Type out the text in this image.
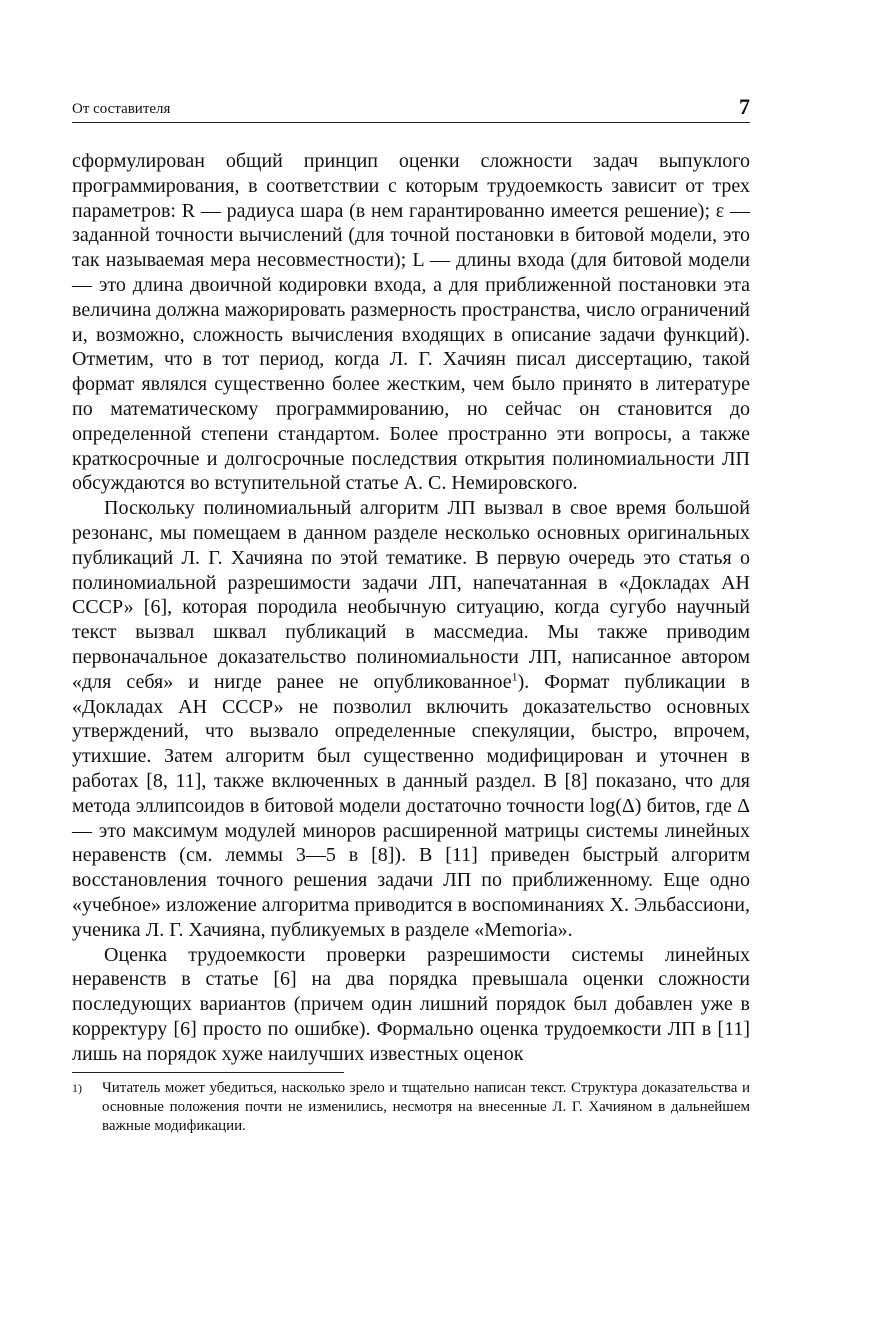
От составителя	7

сформулирован общий принцип оценки сложности задач выпуклого программирования, в соответствии с которым трудоемкость зависит от трех параметров: R — радиуса шара (в нем гарантированно имеется решение); ε — заданной точности вычислений (для точной постановки в битовой модели, это так называемая мера несовместности); L — длины входа (для битовой модели — это длина двоичной кодировки входа, а для приближенной постановки эта величина должна мажорировать размерность пространства, число ограничений и, возможно, сложность вычисления входящих в описание задачи функций). Отметим, что в тот период, когда Л. Г. Хачиян писал диссертацию, такой формат являлся существенно более жестким, чем было принято в литературе по математическому программированию, но сейчас он становится до определенной степени стандартом. Более пространно эти вопросы, а также краткосрочные и долгосрочные последствия открытия полиномиальности ЛП обсуждаются во вступительной статье А. С. Немировского.

Поскольку полиномиальный алгоритм ЛП вызвал в свое время большой резонанс, мы помещаем в данном разделе несколько основных оригинальных публикаций Л. Г. Хачияна по этой тематике. В первую очередь это статья о полиномиальной разрешимости задачи ЛП, напечатанная в «Докладах АН СССР» [6], которая породила необычную ситуацию, когда сугубо научный текст вызвал шквал публикаций в массмедиа. Мы также приводим первоначальное доказательство полиномиальности ЛП, написанное автором «для себя» и нигде ранее не опубликованное$^1$). Формат публикации в «Докладах АН СССР» не позволил включить доказательство основных утверждений, что вызвало определенные спекуляции, быстро, впрочем, утихшие. Затем алгоритм был существенно модифицирован и уточнен в работах [8, 11], также включенных в данный раздел. В [8] показано, что для метода эллипсоидов в битовой модели достаточно точности log(Δ) битов, где Δ — это максимум модулей миноров расширенной матрицы системы линейных неравенств (см. леммы 3—5 в [8]). В [11] приведен быстрый алгоритм восстановления точного решения задачи ЛП по приближенному. Еще одно «учебное» изложение алгоритма приводится в воспоминаниях Х. Эльбассиони, ученика Л. Г. Хачияна, публикуемых в разделе «Memoria».

Оценка трудоемкости проверки разрешимости системы линейных неравенств в статье [6] на два порядка превышала оценки сложности последующих вариантов (причем один лишний порядок был добавлен уже в корректуру [6] просто по ошибке). Формально оценка трудоемкости ЛП в [11] лишь на порядок хуже наилучших известных оценок

1) Читатель может убедиться, насколько зрело и тщательно написан текст. Структура доказательства и основные положения почти не изменились, несмотря на внесенные Л. Г. Хачияном в дальнейшем важные модификации.
